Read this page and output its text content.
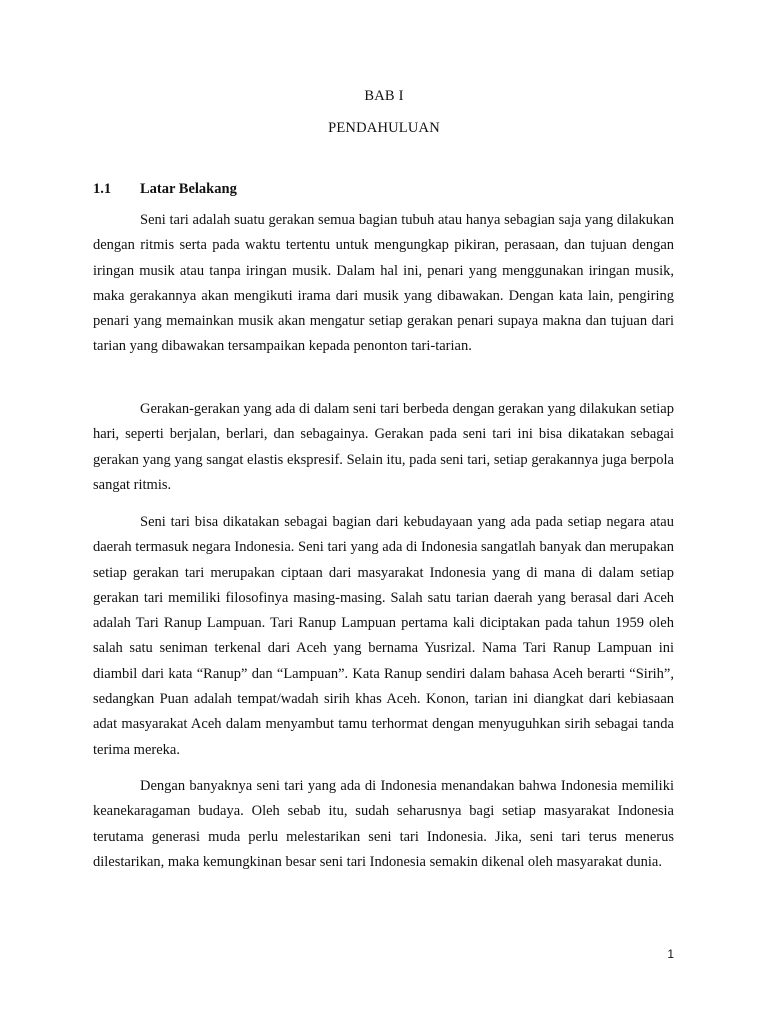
BAB I
PENDAHULUAN
1.1 Latar Belakang

Seni tari adalah suatu gerakan semua bagian tubuh atau hanya sebagian saja yang dilakukan dengan ritmis serta pada waktu tertentu untuk mengungkap pikiran, perasaan, dan tujuan dengan iringan musik atau tanpa iringan musik. Dalam hal ini, penari yang menggunakan iringan musik, maka gerakannya akan mengikuti irama dari musik yang dibawakan. Dengan kata lain, pengiring penari yang memainkan musik akan mengatur setiap gerakan penari supaya makna dan tujuan dari tarian yang dibawakan tersampaikan kepada penonton tari-tarian.

Gerakan-gerakan yang ada di dalam seni tari berbeda dengan gerakan yang dilakukan setiap hari, seperti berjalan, berlari, dan sebagainya. Gerakan pada seni tari ini bisa dikatakan sebagai gerakan yang yang sangat elastis ekspresif. Selain itu, pada seni tari, setiap gerakannya juga berpola sangat ritmis.

Seni tari bisa dikatakan sebagai bagian dari kebudayaan yang ada pada setiap negara atau daerah termasuk negara Indonesia. Seni tari yang ada di Indonesia sangatlah banyak dan merupakan setiap gerakan tari merupakan ciptaan dari masyarakat Indonesia yang di mana di dalam setiap gerakan tari memiliki filosofinya masing-masing. Salah satu tarian daerah yang berasal dari Aceh adalah Tari Ranup Lampuan. Tari Ranup Lampuan pertama kali diciptakan pada tahun 1959 oleh salah satu seniman terkenal dari Aceh yang bernama Yusrizal. Nama Tari Ranup Lampuan ini diambil dari kata “Ranup” dan “Lampuan”. Kata Ranup sendiri dalam bahasa Aceh berarti “Sirih”, sedangkan Puan adalah tempat/wadah sirih khas Aceh. Konon, tarian ini diangkat dari kebiasaan adat masyarakat Aceh dalam menyambut tamu terhormat dengan menyuguhkan sirih sebagai tanda terima mereka.

Dengan banyaknya seni tari yang ada di Indonesia menandakan bahwa Indonesia memiliki keanekaragaman budaya. Oleh sebab itu, sudah seharusnya bagi setiap masyarakat Indonesia terutama generasi muda perlu melestarikan seni tari Indonesia. Jika, seni tari terus menerus dilestarikan, maka kemungkinan besar seni tari Indonesia semakin dikenal oleh masyarakat dunia.

1
